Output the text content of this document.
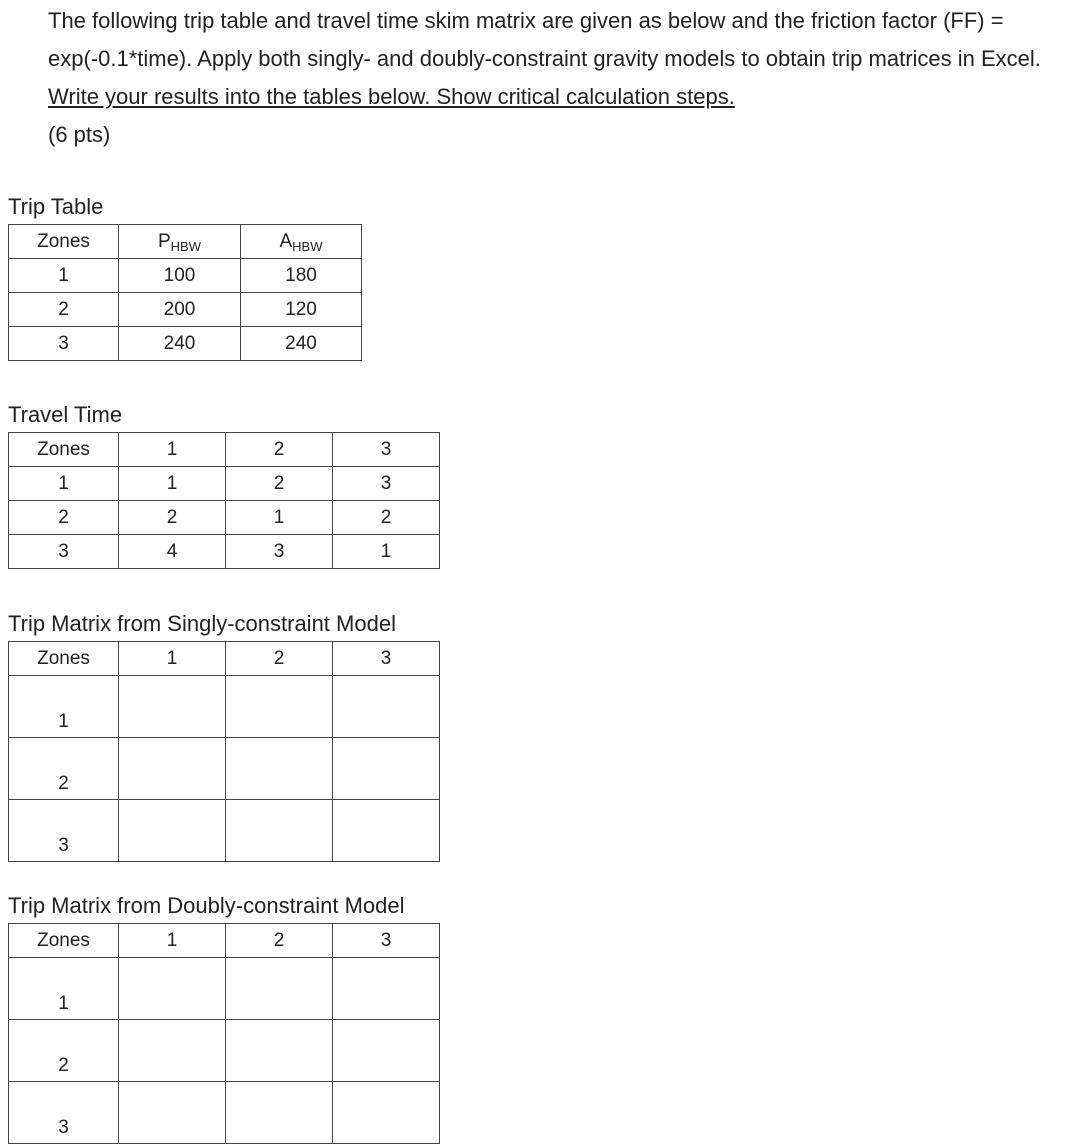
The following trip table and travel time skim matrix are given as below and the friction factor (FF) = exp(-0.1*time). Apply both singly- and doubly-constraint gravity models to obtain trip matrices in Excel. Write your results into the tables below. Show critical calculation steps.
(6 pts)

Trip Table

Zones	$P_{HBW}$	$A_{HBW}$
1	100	180
2	200	120
3	240	240

Travel Time

Zones	1	2	3
1	1	2	3
2	2	1	2
3	4	3	1

Trip Matrix from Singly-constraint Model

Zones	1	2	3
1			
2			
3			

Trip Matrix from Doubly-constraint Model

Zones	1	2	3
1			
2			
3			
